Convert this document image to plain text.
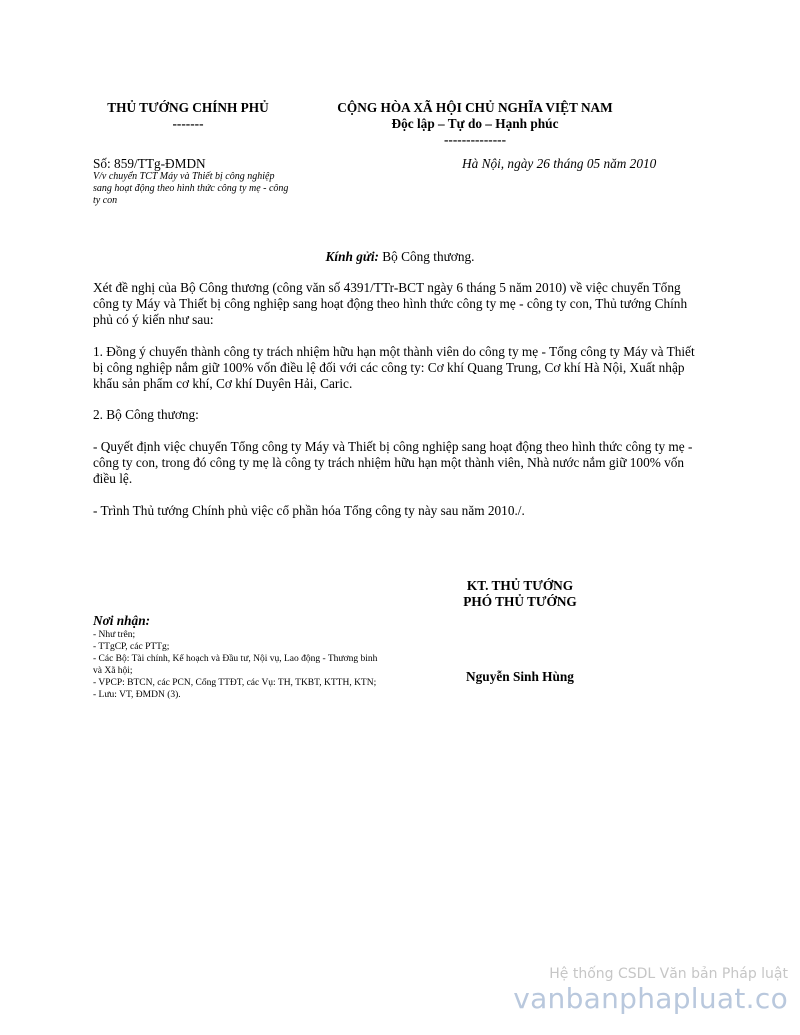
THỦ TƯỚNG CHÍNH PHỦ
-------
CỘNG HÒA XÃ HỘI CHỦ NGHĨA VIỆT NAM
Độc lập – Tự do – Hạnh phúc
--------------
Số: 859/TTg-ĐMDN
V/v chuyển TCT Máy và Thiết bị công nghiệp sang hoạt động theo hình thức công ty mẹ - công ty con
Hà Nội, ngày 26 tháng 05 năm 2010
Kính gửi: Bộ Công thương.
Xét đề nghị của Bộ Công thương (công văn số 4391/TTr-BCT ngày 6 tháng 5 năm 2010) về việc chuyển Tổng công ty Máy và Thiết bị công nghiệp sang hoạt động theo hình thức công ty mẹ - công ty con, Thủ tướng Chính phủ có ý kiến như sau:
1. Đồng ý chuyển thành công ty trách nhiệm hữu hạn một thành viên do công ty mẹ - Tổng công ty Máy và Thiết bị công nghiệp nắm giữ 100% vốn điều lệ đối với các công ty: Cơ khí Quang Trung, Cơ khí Hà Nội, Xuất nhập khẩu sản phẩm cơ khí, Cơ khí Duyên Hải, Caric.
2. Bộ Công thương:
- Quyết định việc chuyển Tổng công ty Máy và Thiết bị công nghiệp sang hoạt động theo hình thức công ty mẹ - công ty con, trong đó công ty mẹ là công ty trách nhiệm hữu hạn một thành viên, Nhà nước nắm giữ 100% vốn điều lệ.
- Trình Thủ tướng Chính phủ việc cổ phần hóa Tổng công ty này sau năm 2010./.
KT. THỦ TƯỚNG
PHÓ THỦ TƯỚNG
Nguyễn Sinh Hùng
Nơi nhận:
- Như trên;
- TTgCP, các PTTg;
- Các Bộ: Tài chính, Kế hoạch và Đầu tư, Nội vụ, Lao động - Thương binh và Xã hội;
- VPCP: BTCN, các PCN, Cổng TTĐT, các Vụ: TH, TKBT, KTTH, KTN;
- Lưu: VT, ĐMDN (3).
Hệ thống CSDL Văn bản Pháp luật
vanbanphapluat.co
